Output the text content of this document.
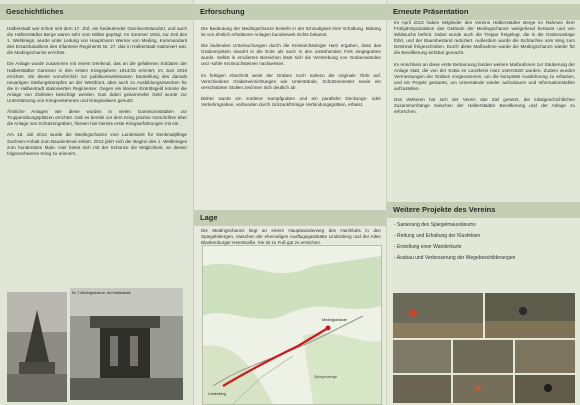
Geschichtliches

Halberstadt war schon seit dem 17. Jhd. ein bedeutender Garnisonsstandort, und auch die Halberstädter Berge waren sehr vom Militär geprägt. Im Sommer 1916, zur Zeit des 1. Weltkriegs, wurde unter Leitung von Hauptmann Werner von Meding, Kommandant des Ersatzbataillons des Infanterie Regiments Nr. 27, das in Halberstadt stationiert war, die Medingschanze errichtet.

Die Anlage wurde zusammen mit einem Denkmal, das an die gefallenen Soldaten der Halberstädter Garnison in den ersten Kriegsjahren 1914/15 erinnert, im Juni 1916 errichtet. Sie diente vornehmlich zur publikumswirksamen Darstellung des damals neuartigen Stellungskampfes an der Westfront, aber auch zu Ausbildungszwecken für die in Halberstadt stationierten Regimenter. Gegen ein kleines Eintrittsgeld konnte die Anlage von Zivilisten besichtigt werden. Das dabei gesammelte Geld wurde zur Unterstützung von Kriegsveteranen und Kriegswitwen genutzt.

Ähnliche Anlagen wie diese wurden in vielen Garnisonsstädten zur Truppenübungsplätzen errichtet. Gab es bereits vor dem Krieg präzise Vorschriften über die Anlage von Schützengräben, flossen hier bereits erste Kriegserfahrungen mit ein.

Am 18. Juli 2014 wurde die Medingschanze vom Landesamt für Denkmalpflege Sachsen-Anhalt zum Baudenkmal erklärt. 2014 jährt sich der Beginn des 1. Weltkrieges zum hundertsten Male. Hier bietet sich mit der Schanze die Möglichkeit, an diesen folgenschweren Krieg zu erinnern.

Nr. 2 Medingschanze, bei Halberstadt
Erforschung

Die Bedeutung der Medingschanze besteht in der Einmaligkeit ihrer Erhaltung. Bislang ist von ähnlich erhaltenen Anlagen bundesweit nichts bekannt.

Die laufenden Untersuchungen durch die Kreisarchäologie Harz ergaben, dass das Grabensystem sowohl in die Erde als auch in den anstehenden Fels eingegraben wurde. Selbst in erodierten Bereichen lässt sich die Verstrebung von Grabenwänden und -sohle mit Bruchsteinen nachweisen.

Im felsigen Abschnitt weist der Graben noch nahezu die originale Tiefe auf. Verschiedene Grabeneinrichtungen wie Unterstände, Schützennester sowie ein verschütteter Stollen zeichnen sich deutlich ab.

Bisher wurde ein vorderer Kampfgraben und ein paralleler Deckungs- oder Verkehrsgraben, verbunden durch zickzackförmige Verbindungsgräben, erfasst.

Lage
Die Medingschanze liegt an einem Hauptwanderweg des Harzklubs in den Spiegelsbergen, zwischen der ehemaligen Ausflugsgaststätte Lindenberg und der Alten Blankenburger Heerstraße. Sie ist zu Fuß gut zu erreichen.
Medingschanze
Lindenberg
Spiegelsberge
Erneute Präsentation

Im April 2013 haben Mitglieder des Vereins Halberstädter Berge im Rahmen ihrer Frühjahrsputzaktion das Gelände der Medingschanze weitgehend beräumt und von Wildwuchs befreit. Dabei wurde auch die Treppe freigelegt, die in die Grabenanlage führt, und der Baumbestand reduziert. Außerdem wurde die Sichtachse vom Weg zum Denkmal freigeschnitten. Durch diese Maßnahme wurde die Medingschanze wieder für die Bevölkerung sichtbar gemacht.

Im Anschluss an diese erste Beräumung fanden weitere Maßnahmen zur Säuberung der Anlage statt, die von der KoBa im Landkreis Harz unterstützt wurden. Zudem wurden Vermessungen der Gräben vorgenommen, um die komplette Ausdehnung zu erfassen, und ein Projekt gestartet, um Unterstände wieder aufzubauen und Informationstafeln aufzustellen.

Des Weiteren hat sich der Verein das Ziel gesetzt, die lokalgeschichtlichen Zusammenhänge zwischen der Halberstädter Bevölkerung und der Anlage zu erforschen.

Weitere Projekte des Vereins
- Sanierung des Spiegelmausoleums
- Rettung und Erhaltung der Klusfelsen
- Erstellung einer Wanderkarte
- Ausbau und Verbesserung der Wegebeschilderungen
